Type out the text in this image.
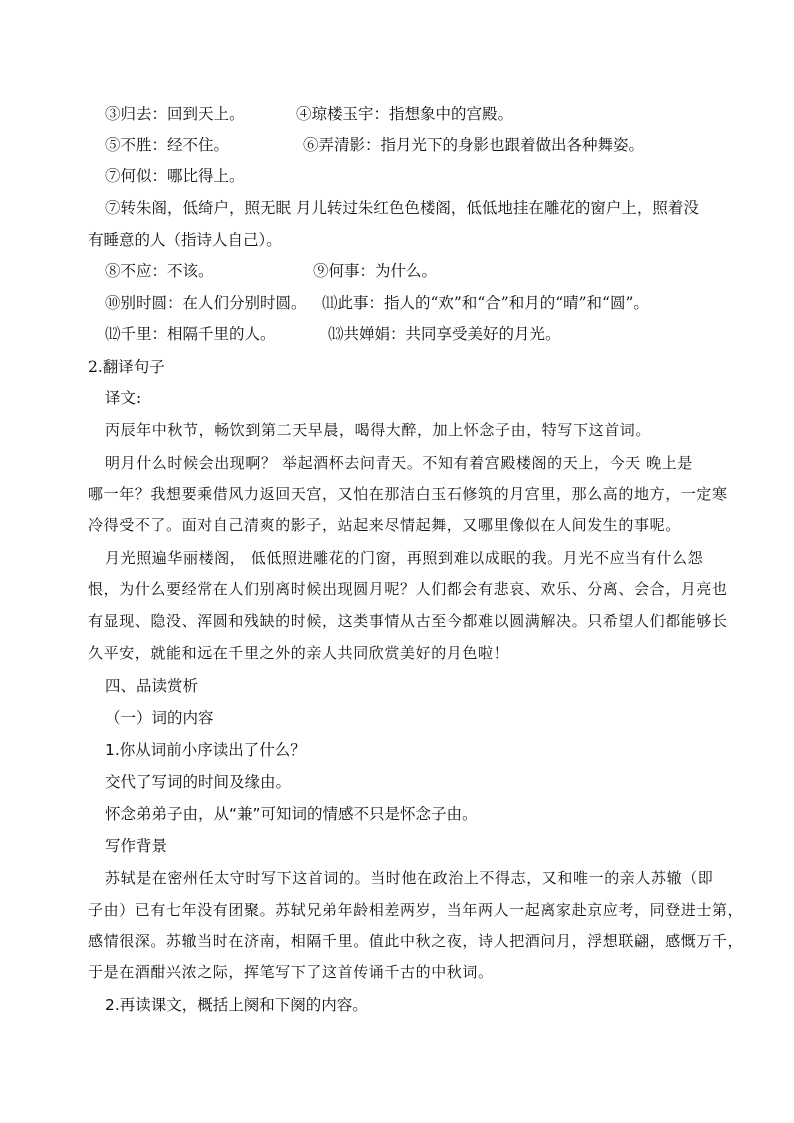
③归去：回到天上。	④琼楼玉宇：指想象中的宫殿。
⑤不胜：经不住。	⑥弄清影：指月光下的身影也跟着做出各种舞姿。
⑦何似：哪比得上。
⑦转朱阁，低绮户，照无眠 月儿转过朱红色色楼阁，低低地挂在雕花的窗户上，照着没
有睡意的人（指诗人自己）。
⑧不应：不该。	⑨何事：为什么。
⑩别时圆：在人们分别时圆。 ⑾此事：指人的“欢”和“合”和月的“晴”和“圆”。
⑿千里：相隔千里的人。	⒀共婵娟：共同享受美好的月光。
2.翻译句子
译文:
丙辰年中秋节，畅饮到第二天早晨，喝得大醉，加上怀念子由，特写下这首词。
明月什么时候会出现啊？ 举起酒杯去问青天。不知有着宫殿楼阁的天上，今天 晚上是
哪一年？我想要乘借风力返回天宫，又怕在那洁白玉石修筑的月宫里，那么高的地方，一定寒
冷得受不了。面对自己清爽的影子，站起来尽情起舞，又哪里像似在人间发生的事呢。
月光照遍华丽楼阁， 低低照进雕花的门窗，再照到难以成眠的我。月光不应当有什么怨
恨，为什么要经常在人们别离时候出现圆月呢？人们都会有悲哀、欢乐、分离、会合，月亮也
有显现、隐没、浑圆和残缺的时候，这类事情从古至今都难以圆满解决。只希望人们都能够长
久平安，就能和远在千里之外的亲人共同欣赏美好的月色啦！
四、品读赏析
（一）词的内容
1.你从词前小序读出了什么？
交代了写词的时间及缘由。
怀念弟弟子由，从“兼”可知词的情感不只是怀念子由。
写作背景
苏轼是在密州任太守时写下这首词的。当时他在政治上不得志，又和唯一的亲人苏辙（即
子由）已有七年没有团聚。苏轼兄弟年龄相差两岁，当年两人一起离家赴京应考，同登进士第，
感情很深。苏辙当时在济南，相隔千里。值此中秋之夜，诗人把酒问月，浮想联翩，感慨万千，
于是在酒酣兴浓之际，挥笔写下了这首传诵千古的中秋词。
2.再读课文，概括上阕和下阕的内容。
